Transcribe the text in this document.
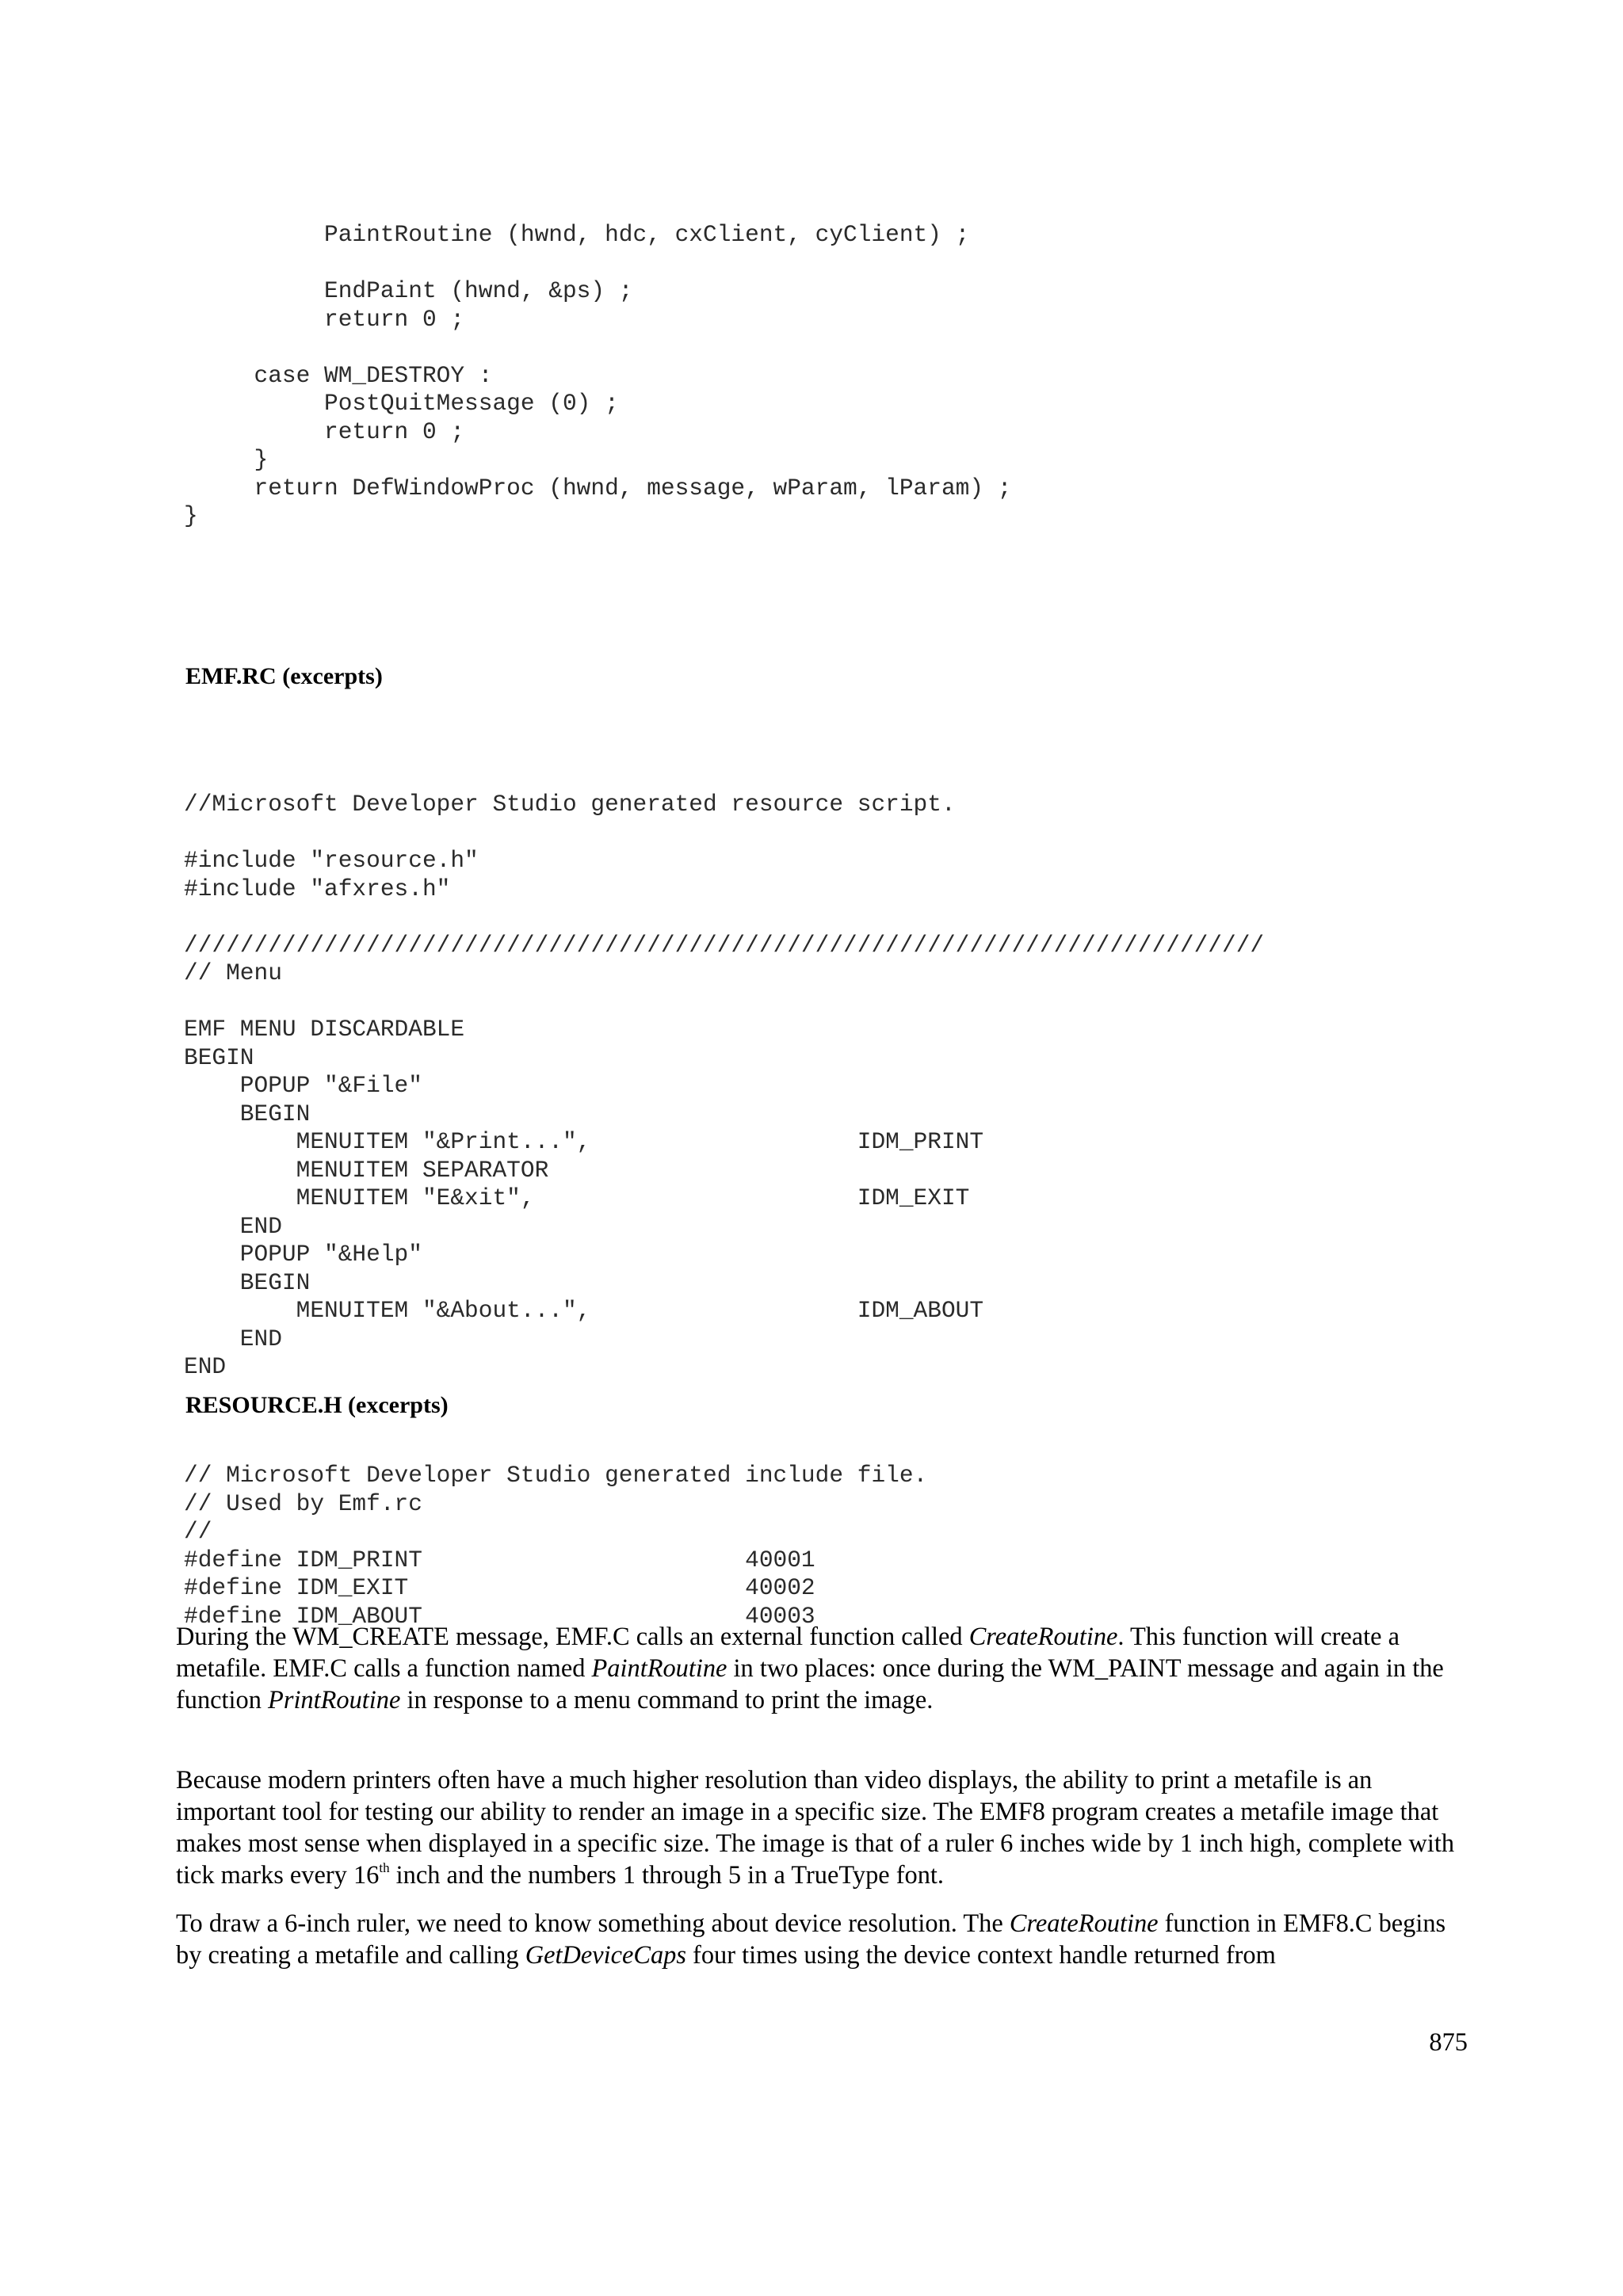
PaintRoutine (hwnd, hdc, cxClient, cyClient) ;

EndPaint (hwnd, &ps) ;
return 0 ;

case WM_DESTROY :
PostQuitMessage (0) ;
return 0 ;
}
return DefWindowProc (hwnd, message, wParam, lParam) ;
}

EMF.RC (excerpts)

//Microsoft Developer Studio generated resource script.

#include "resource.h"
#include "afxres.h"

/////////////////////////////////////////////////////////////////////////////
// Menu

EMF MENU DISCARDABLE
BEGIN
POPUP "&File"
BEGIN
MENUITEM "&Print...",                   IDM_PRINT
MENUITEM SEPARATOR
MENUITEM "E&xit",                       IDM_EXIT
END
POPUP "&Help"
BEGIN
MENUITEM "&About...",                   IDM_ABOUT
END
END

RESOURCE.H (excerpts)

// Microsoft Developer Studio generated include file.
// Used by Emf.rc
//
#define IDM_PRINT                       40001
#define IDM_EXIT                        40002
#define IDM_ABOUT                       40003

During the WM_CREATE message, EMF.C calls an external function called CreateRoutine. This function will create a metafile. EMF.C calls a function named PaintRoutine in two places: once during the WM_PAINT message and again in the function PrintRoutine in response to a menu command to print the image.

Because modern printers often have a much higher resolution than video displays, the ability to print a metafile is an important tool for testing our ability to render an image in a specific size. The EMF8 program creates a metafile image that makes most sense when displayed in a specific size. The image is that of a ruler 6 inches wide by 1 inch high, complete with tick marks every 16th inch and the numbers 1 through 5 in a TrueType font.

To draw a 6-inch ruler, we need to know something about device resolution. The CreateRoutine function in EMF8.C begins by creating a metafile and calling GetDeviceCaps four times using the device context handle returned from

875
